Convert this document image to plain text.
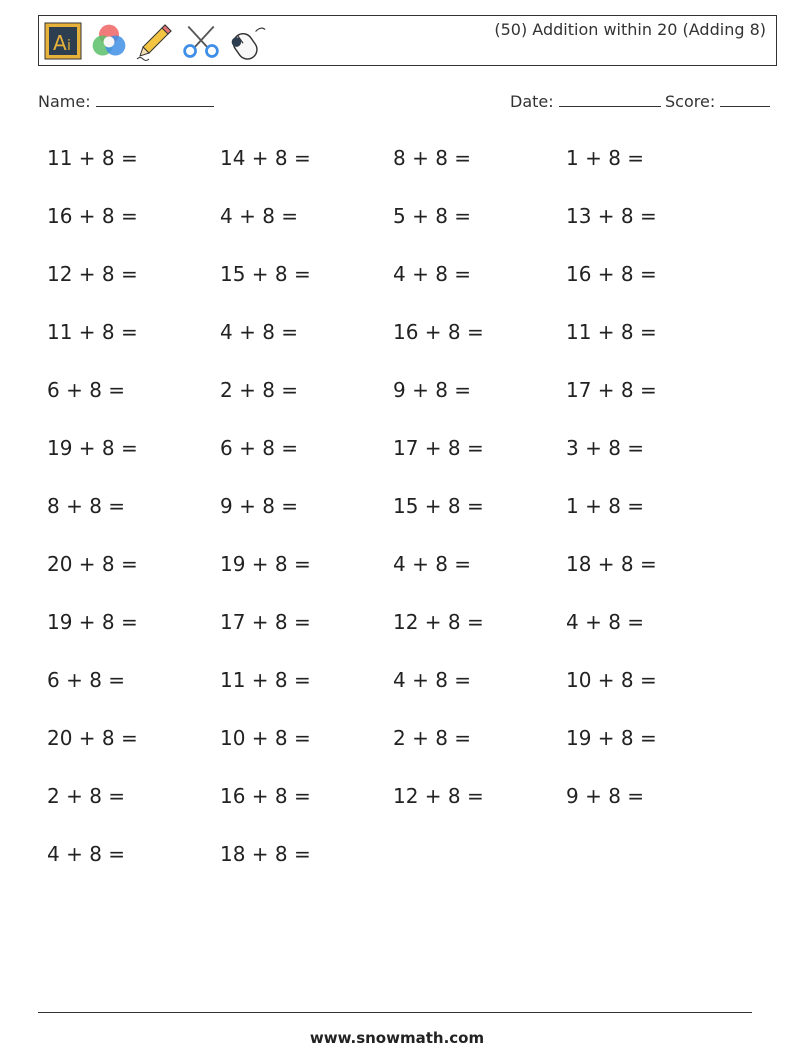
A i
(50) Addition within 20 (Adding 8)
Name:	Date:	Score:
11 + 8 =	14 + 8 =	8 + 8 =	1 + 8 =
16 + 8 =	4 + 8 =	5 + 8 =	13 + 8 =
12 + 8 =	15 + 8 =	4 + 8 =	16 + 8 =
11 + 8 =	4 + 8 =	16 + 8 =	11 + 8 =
6 + 8 =	2 + 8 =	9 + 8 =	17 + 8 =
19 + 8 =	6 + 8 =	17 + 8 =	3 + 8 =
8 + 8 =	9 + 8 =	15 + 8 =	1 + 8 =
20 + 8 =	19 + 8 =	4 + 8 =	18 + 8 =
19 + 8 =	17 + 8 =	12 + 8 =	4 + 8 =
6 + 8 =	11 + 8 =	4 + 8 =	10 + 8 =
20 + 8 =	10 + 8 =	2 + 8 =	19 + 8 =
2 + 8 =	16 + 8 =	12 + 8 =	9 + 8 =
4 + 8 =	18 + 8 =
www.snowmath.com
